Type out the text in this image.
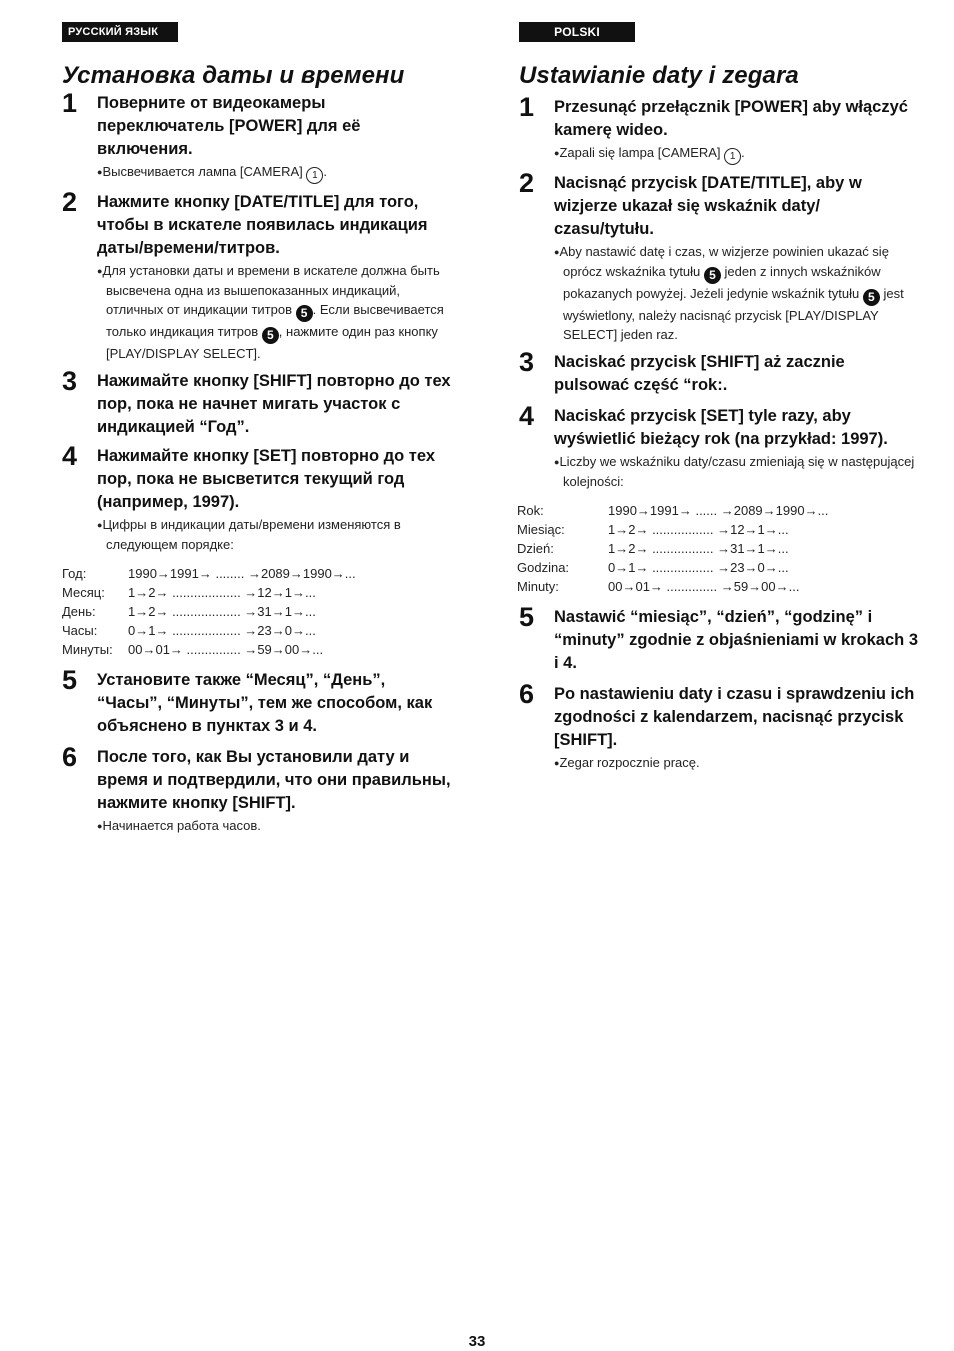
РУССКИЙ ЯЗЫК
Установка даты и времени
1 Поверните от видеокамеры переключатель [POWER] для её включения.
●Высвечивается лампа [CAMERA] 1 .
2 Нажмите кнопку [DATE/TITLE] для того, чтобы в искателе появилась индикация даты/времени/титров.
●Для установки даты и времени в искателе должна быть высвечена одна из вышепоказанных индикаций, отличных от индикации титров 5 . Если высвечивается только индикация титров 5 , нажмите один раз кнопку [PLAY/DISPLAY SELECT].
3 Нажимайте кнопку [SHIFT] повторно до тех пор, пока не начнет мигать участок с индикацией “Год”.
4 Нажимайте кнопку [SET] повторно до тех пор, пока не высветится текущий год (например, 1997).
●Цифры в индикации даты/времени изменяются в следующем порядке:
Год:	1990→1991→ ........ →2089→1990→...
Месяц:	1→2→ ................... →12→1→...
День:	1→2→ ................... →31→1→...
Часы:	0→1→ ................... →23→0→...
Минуты:	00→01→ ............... →59→00→...
5 Установите также “Месяц”, “День”, “Часы”, “Минуты”, тем же способом, как объяснено в пунктах 3 и 4.
6 После того, как Вы установили дату и время и подтвердили, что они правильны, нажмите кнопку [SHIFT].
●Начинается работа часов.
POLSKI
Ustawianie daty i zegara
1 Przesunąć przełącznik [POWER] aby włączyć kamerę wideo.
●Zapali się lampa [CAMERA] 1 .
2 Nacisnąć przycisk [DATE/TITLE], aby w wizjerze ukazał się wskaźnik daty/ czasu/tytułu.
●Aby nastawić datę i czas, w wizjerze powinien ukazać się oprócz wskaźnika tytułu 5 jeden z innych wskaźników pokazanych powyżej. Jeżeli jedynie wskaźnik tytułu 5 jest wyświetlony, należy nacisnąć przycisk [PLAY/DISPLAY SELECT] jeden raz.
3 Naciskać przycisk [SHIFT] aż zacznie pulsować część “rok:.
4 Naciskać przycisk [SET] tyle razy, aby wyświetlić bieżący rok (na przykład: 1997).
●Liczby we wskaźniku daty/czasu zmieniają się w następującej kolejności:
Rok:	1990→1991→ ...... →2089→1990→...
Miesiąc:	1→2→ ................. →12→1→...
Dzień:	1→2→ ................. →31→1→...
Godzina:	0→1→ ................. →23→0→...
Minuty:	00→01→ .............. →59→00→...
5 Nastawić “miesiąc”, “dzień”, “godzinę” i “minuty” zgodnie z objaśnieniami w krokach 3 i 4.
6 Po nastawieniu daty i czasu i sprawdzeniu ich zgodności z kalendarzem, nacisnąć przycisk [SHIFT].
●Zegar rozpocznie pracę.
33
